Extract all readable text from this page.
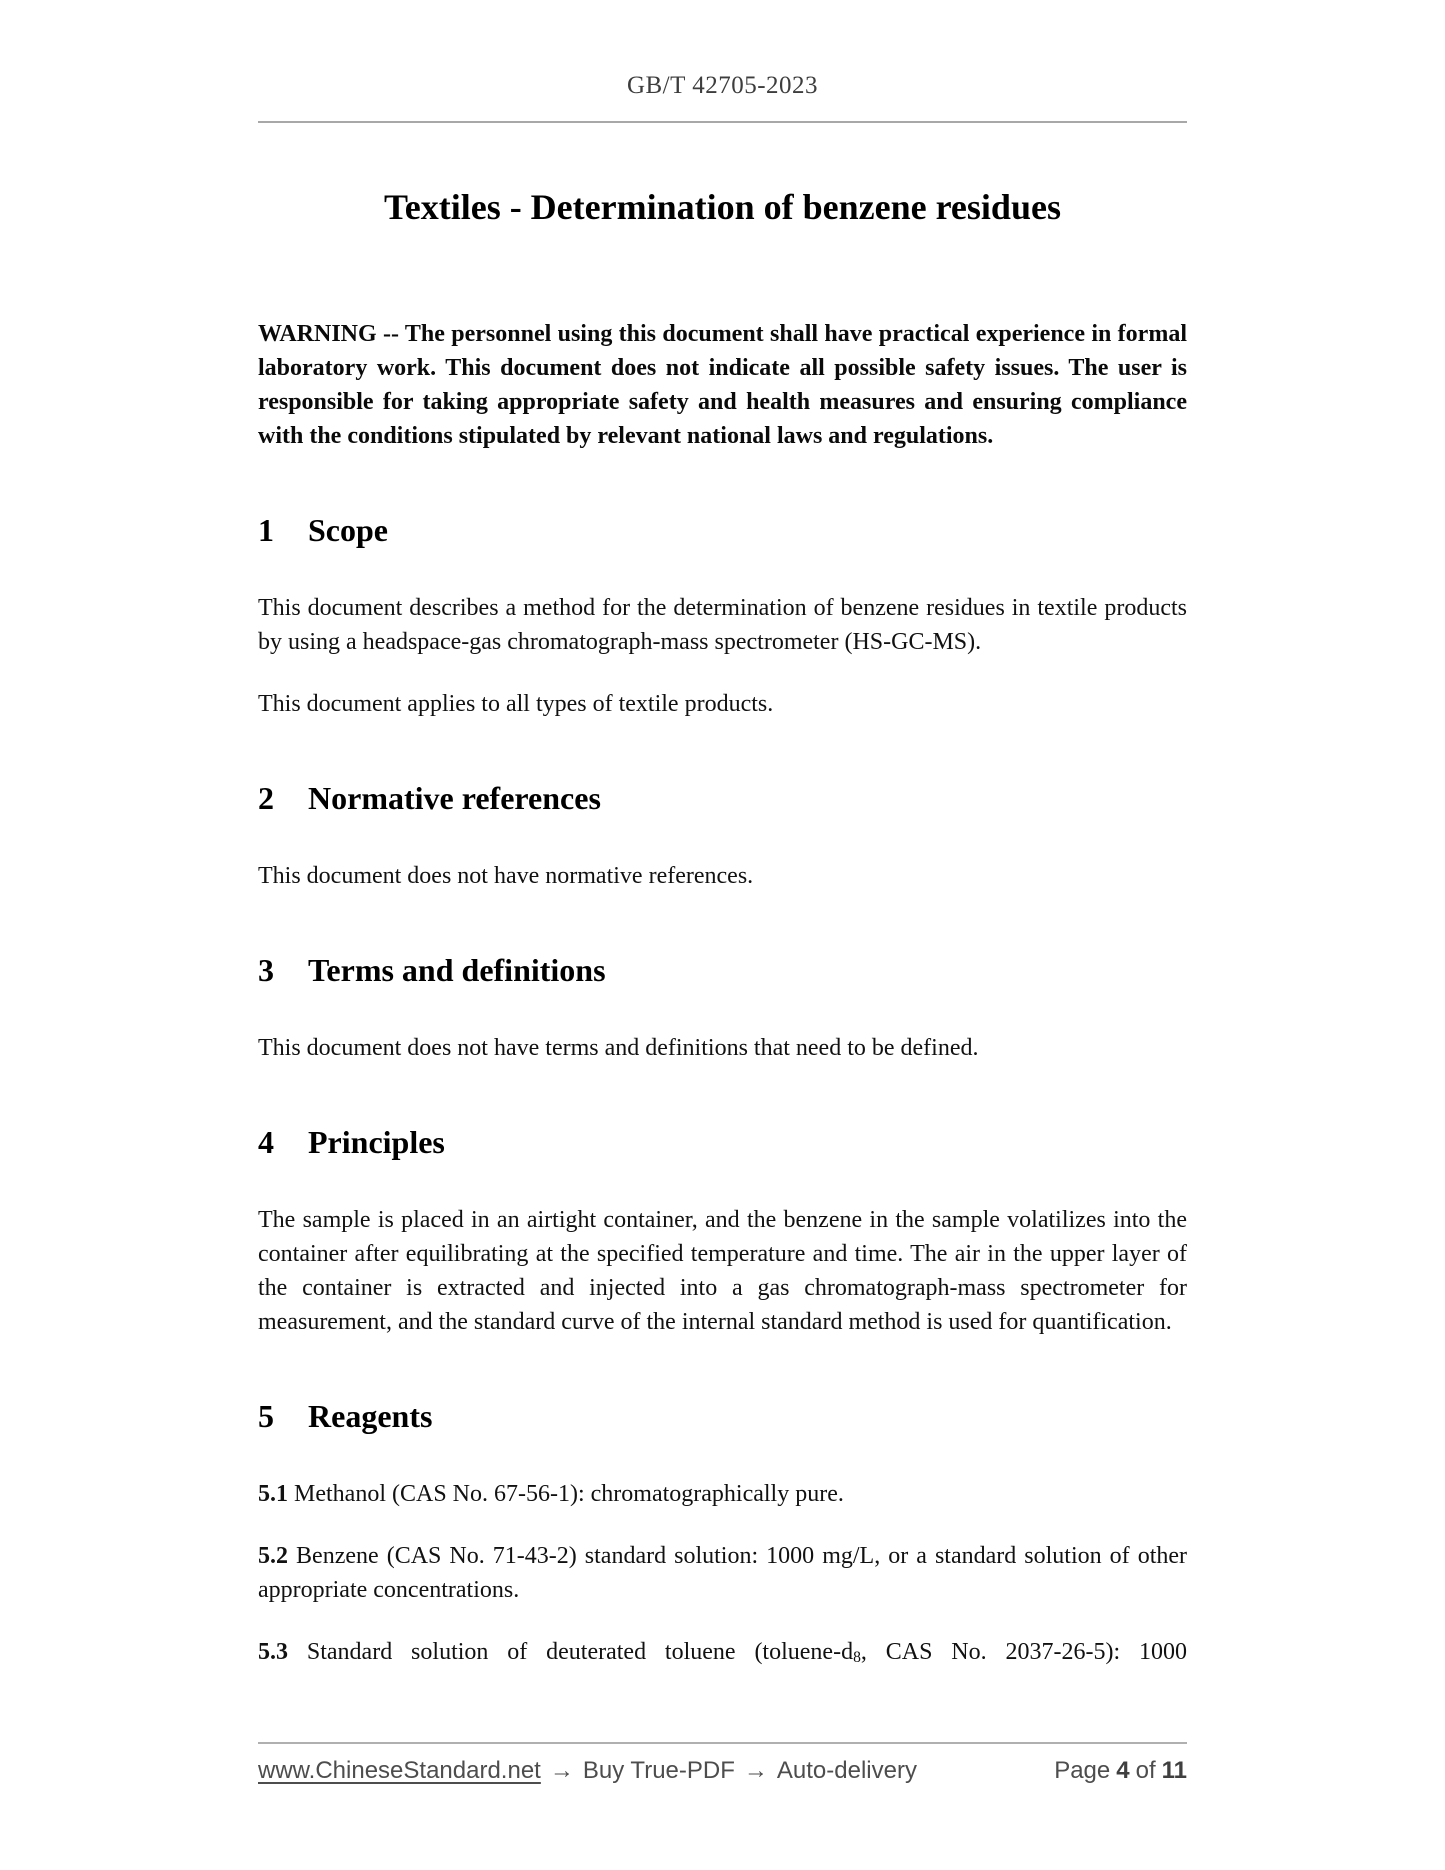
GB/T 42705-2023
Textiles - Determination of benzene residues

WARNING -- The personnel using this document shall have practical experience in formal laboratory work. This document does not indicate all possible safety issues. The user is responsible for taking appropriate safety and health measures and ensuring compliance with the conditions stipulated by relevant national laws and regulations.

1 Scope

This document describes a method for the determination of benzene residues in textile products by using a headspace-gas chromatograph-mass spectrometer (HS-GC-MS).

This document applies to all types of textile products.

2 Normative references

This document does not have normative references.

3 Terms and definitions

This document does not have terms and definitions that need to be defined.

4 Principles

The sample is placed in an airtight container, and the benzene in the sample volatilizes into the container after equilibrating at the specified temperature and time. The air in the upper layer of the container is extracted and injected into a gas chromatograph-mass spectrometer for measurement, and the standard curve of the internal standard method is used for quantification.

5 Reagents

5.1 Methanol (CAS No. 67-56-1): chromatographically pure.

5.2 Benzene (CAS No. 71-43-2) standard solution: 1000 mg/L, or a standard solution of other appropriate concentrations.

5.3 Standard solution of deuterated toluene ($toluene-d_8$, CAS No. 2037-26-5): 1000

www.ChineseStandard.net → Buy True-PDF → Auto-delivery	Page 4 of 11
